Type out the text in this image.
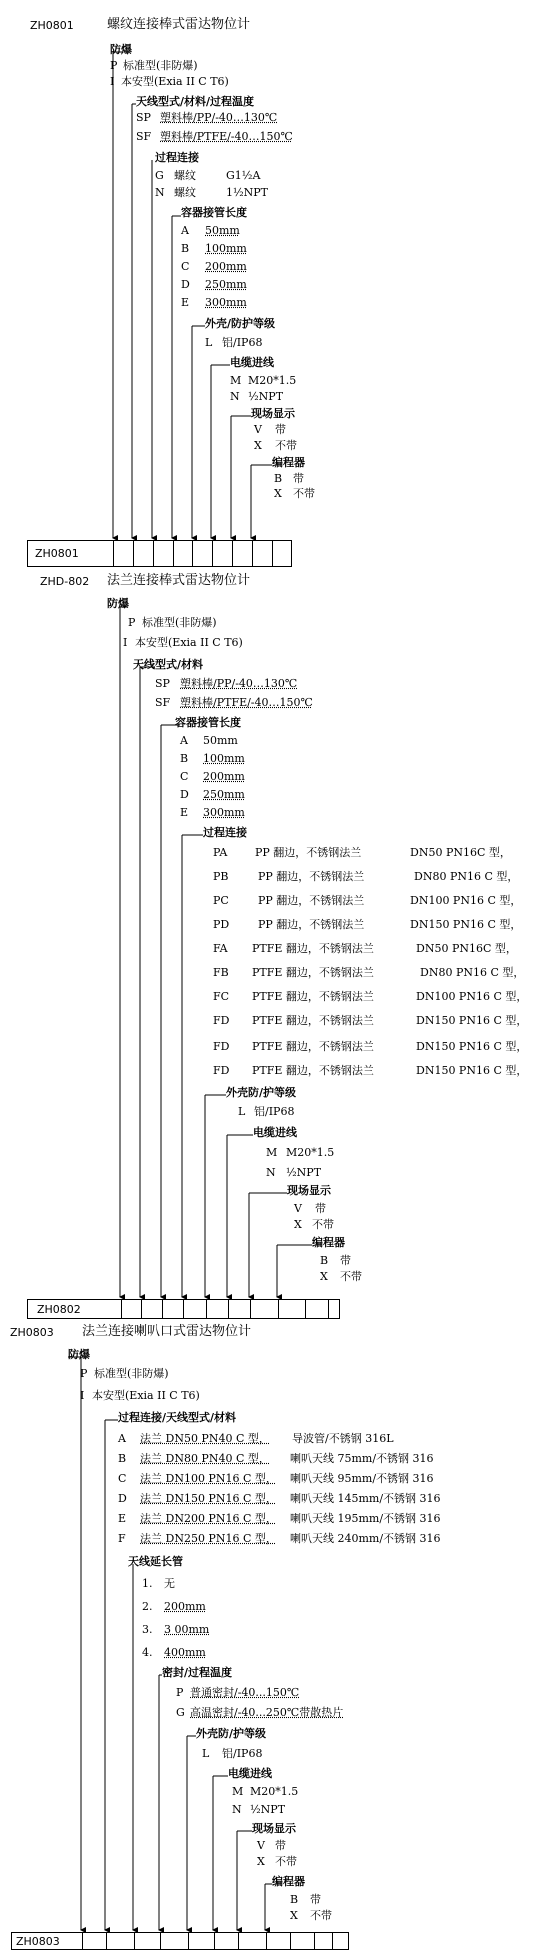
ZH0801	螺纹连接棒式雷达物位计
防爆
P 标准型(非防爆)
I 本安型(Exia II C T6)
天线型式/材料/过程温度
SP 塑料棒/PP/-40…130℃
SF 塑料棒/PTFE/-40…150℃
过程连接
G 螺纹	G1½A
N 螺纹	1½NPT
容器接管长度
A 50mm
B 100mm
C 200mm
D 250mm
E 300mm
外壳/防护等级
L 铝/IP68
电缆进线
M M20*1.5
N ½NPT
现场显示
V 带
X 不带
编程器
B 带
X 不带
ZH0801
ZHD-802 法兰连接棒式雷达物位计
防爆
P 标准型(非防爆)
I 本安型(Exia II C T6)
天线型式/材料
SP 塑料棒/PP/-40…130℃
SF 塑料棒/PTFE/-40…150℃
容器接管长度
A 50mm
B 100mm
C 200mm
D 250mm
E 300mm
过程连接
PA	PP 翻边，不锈钢法兰	DN50 PN16C 型，
PB	PP 翻边，不锈钢法兰	DN80 PN16 C 型，
PC	PP 翻边，不锈钢法兰	DN100 PN16 C 型，
PD	PP 翻边，不锈钢法兰	DN150 PN16 C 型，
FA PTFE 翻边，不锈钢法兰	DN50 PN16C 型，
FB PTFE 翻边，不锈钢法兰	DN80 PN16 C 型，
FC PTFE 翻边，不锈钢法兰	DN100 PN16 C 型，
FD PTFE 翻边，不锈钢法兰	DN150 PN16 C 型，
FD PTFE 翻边，不锈钢法兰	DN150 PN16 C 型，
FD PTFE 翻边，不锈钢法兰	DN150 PN16 C 型，
外壳防/护等级
L 铝/IP68
电缆进线
M M20*1.5
N ½NPT
现场显示
V 带
X 不带
编程器
B 带
X 不带
ZH0802
ZH0803 法兰连接喇叭口式雷达物位计
防爆
P 标准型(非防爆)
I 本安型(Exia II C T6)
过程连接/天线型式/材料
A 法兰 DN50 PN40 C 型， 导波管/不锈钢 316L
B 法兰 DN80 PN40 C 型， 喇叭天线 75mm/不锈钢 316
C 法兰 DN100 PN16 C 型， 喇叭天线 95mm/不锈钢 316
D 法兰 DN150 PN16 C 型， 喇叭天线 145mm/不锈钢 316
E 法兰 DN200 PN16 C 型， 喇叭天线 195mm/不锈钢 316
F 法兰 DN250 PN16 C 型， 喇叭天线 240mm/不锈钢 316
天线延长管
1. 无
2. 200mm
3. 3 00mm
4. 400mm
密封/过程温度
P 普通密封/-40...150℃
G 高温密封/-40...250℃带散热片
外壳防/护等级
L 铝/IP68
电缆进线
M M20*1.5
N ½NPT
现场显示
V 带
X 不带
编程器
B 带
X 不带
ZH0803
